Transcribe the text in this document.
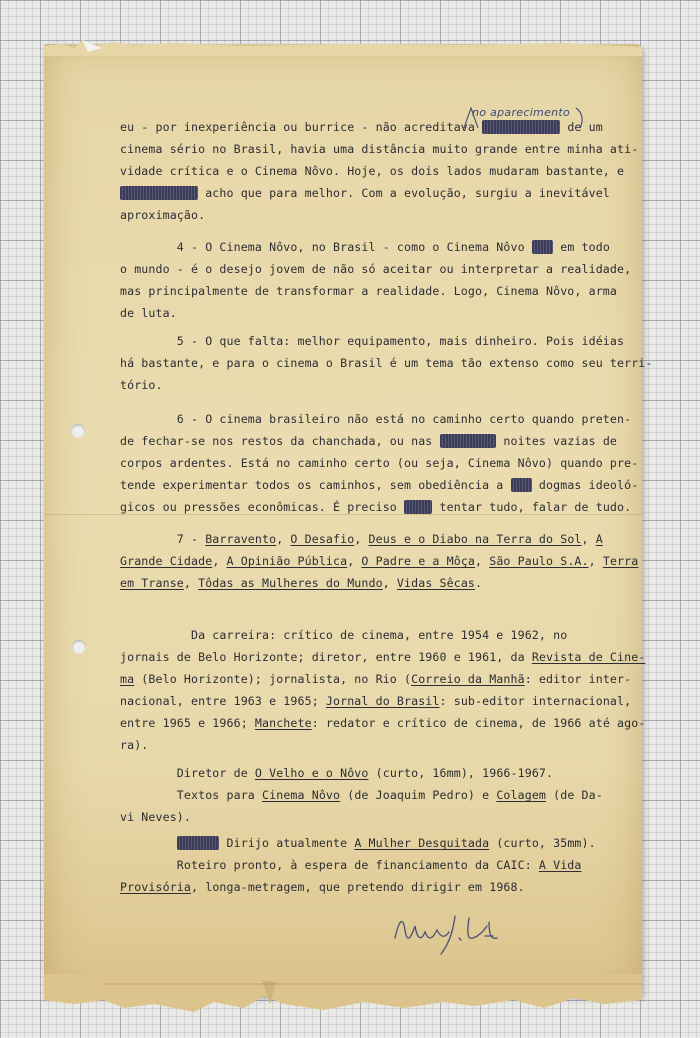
eu - por inexperiência ou burrice - não acreditava	de um
cinema sério no Brasil, havia uma distância muito grande entre minha ati-
vidade crítica e o Cinema Nôvo. Hoje, os dois lados mudaram bastante, e
acho que para melhor. Com a evolução, surgiu a inevitável
aproximação.
4 - O Cinema Nôvo, no Brasil - como o Cinema Nôvo  em todo
o mundo - é o desejo jovem de não só aceitar ou interpretar a realidade,
mas principalmente de transformar a realidade. Logo, Cinema Nôvo, arma
de luta.
5 - O que falta: melhor equipamento, mais dinheiro. Pois idéias
há bastante, e para o cinema o Brasil é um tema tão extenso como seu terri-
tório.
6 - O cinema brasileiro não está no caminho certo quando preten-
de fechar-se nos restos da chanchada, ou nas	noites vazias de
corpos ardentes. Está no caminho certo (ou seja, Cinema Nôvo) quando pre-
tende experimentar todos os caminhos, sem obediência a  dogmas ideoló-
gicos ou pressões econômicas. É preciso  tentar tudo, falar de tudo.
7 - Barravento, O Desafio, Deus e o Diabo na Terra do Sol, A
Grande Cidade, A Opinião Pública, O Padre e a Môça, São Paulo S.A., Terra
em Transe, Tôdas as Mulheres do Mundo, Vidas Sêcas.
Da carreira: crítico de cinema, entre 1954 e 1962, no
jornais de Belo Horizonte; diretor, entre 1960 e 1961, da Revista de Cine-
ma (Belo Horizonte); jornalista, no Rio (Correio da Manhã: editor inter-
nacional, entre 1963 e 1965; Jornal do Brasil: sub-editor internacional,
entre 1965 e 1966; Manchete: redator e crítico de cinema, de 1966 até ago-
ra).
Diretor de O Velho e o Nôvo (curto, 16mm), 1966-1967.
Textos para Cinema Nôvo (de Joaquim Pedro) e Colagem (de Da-
vi Neves).
Dirijo atualmente A Mulher Desquitada (curto, 35mm).
Roteiro pronto, à espera de financiamento da CAIC: A Vida
Provisória, longa-metragem, que pretendo dirigir em 1968.
no aparecimento
